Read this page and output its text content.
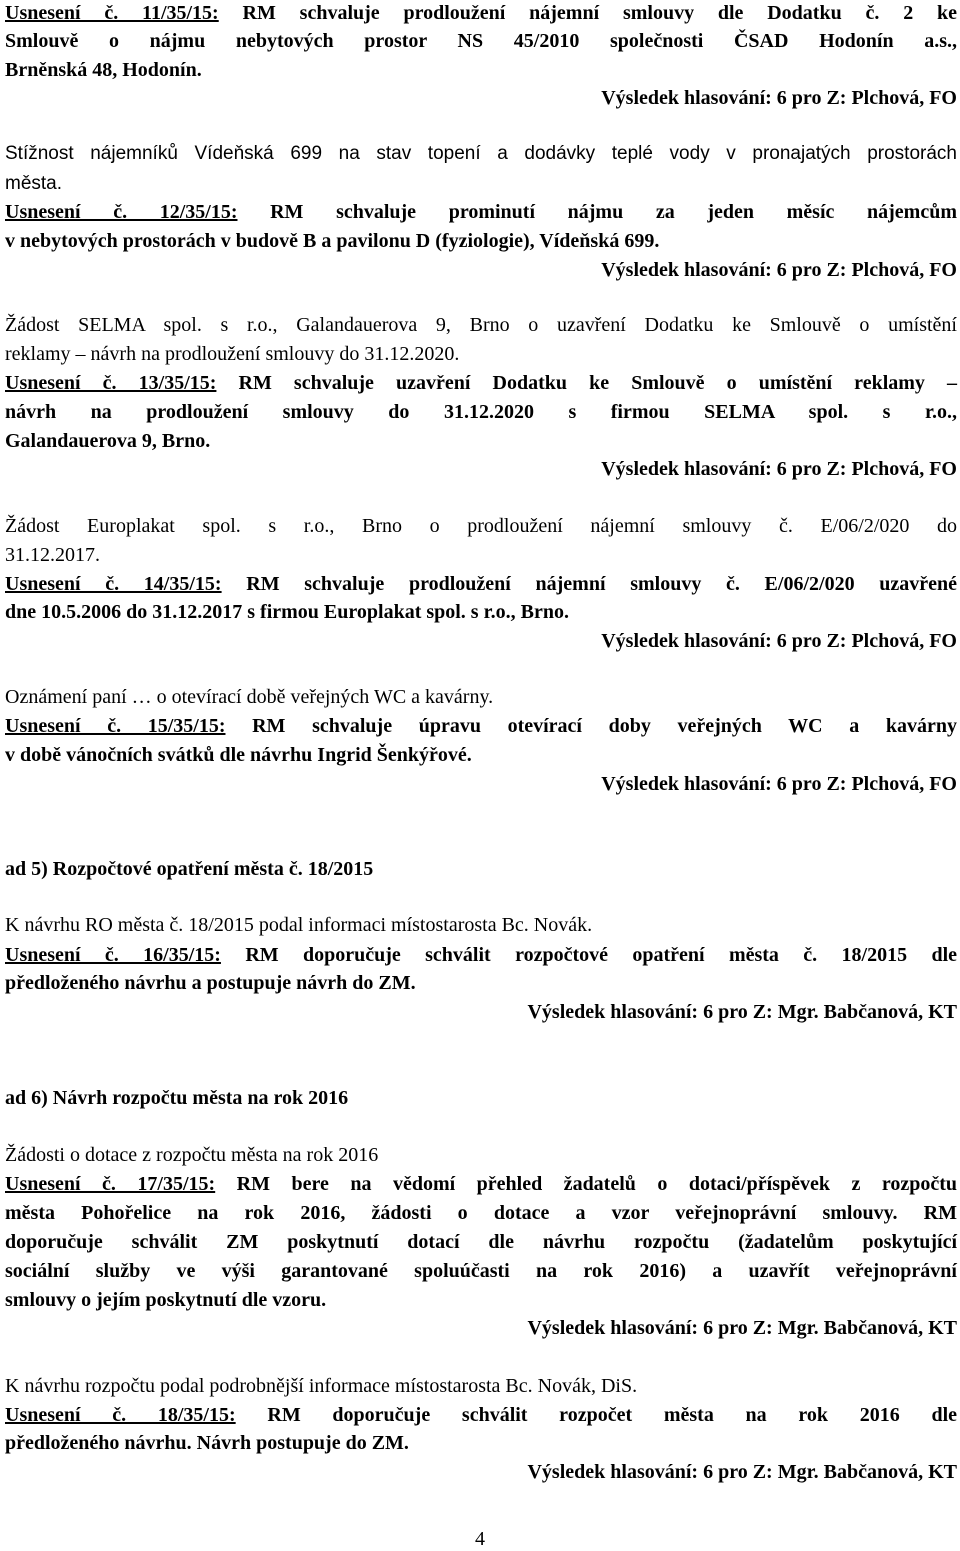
Usnesení č. 11/35/15: RM schvaluje prodloužení nájemní smlouvy dle Dodatku č. 2 ke
Smlouvě o nájmu nebytových prostor NS 45/2010 společnosti ČSAD Hodonín a.s.,
Brněnská 48, Hodonín.
Výsledek hlasování: 6 pro Z: Plchová, FO
Stížnost nájemníků Vídeňská 699 na stav topení a dodávky teplé vody v pronajatých prostorách
města.
Usnesení č. 12/35/15: RM schvaluje prominutí nájmu za jeden měsíc nájemcům
v nebytových prostorách v budově B a pavilonu D (fyziologie), Vídeňská 699.
Výsledek hlasování: 6 pro Z: Plchová, FO
Žádost SELMA spol. s r.o., Galandauerova 9, Brno o uzavření Dodatku ke Smlouvě o umístění
reklamy – návrh na prodloužení smlouvy do 31.12.2020.
Usnesení č. 13/35/15: RM schvaluje uzavření Dodatku ke Smlouvě o umístění reklamy –
návrh na prodloužení smlouvy do 31.12.2020 s firmou SELMA spol. s r.o.,
Galandauerova 9, Brno.
Výsledek hlasování: 6 pro Z: Plchová, FO
Žádost Europlakat spol. s r.o., Brno o prodloužení nájemní smlouvy č. E/06/2/020 do
31.12.2017.
Usnesení č. 14/35/15: RM schvaluje prodloužení nájemní smlouvy č. E/06/2/020 uzavřené
dne 10.5.2006 do 31.12.2017 s firmou Europlakat spol. s r.o., Brno.
Výsledek hlasování: 6 pro Z: Plchová, FO
Oznámení paní … o otevírací době veřejných WC a kavárny.
Usnesení č. 15/35/15: RM schvaluje úpravu otevírací doby veřejných WC a kavárny
v době vánočních svátků dle návrhu Ingrid Šenkýřové.
Výsledek hlasování: 6 pro Z: Plchová, FO
ad 5) Rozpočtové opatření města č. 18/2015
K návrhu RO města č. 18/2015 podal informaci místostarosta Bc. Novák.
Usnesení č. 16/35/15: RM doporučuje schválit rozpočtové opatření města č. 18/2015 dle
předloženého návrhu a postupuje návrh do ZM.
Výsledek hlasování: 6 pro Z: Mgr. Babčanová, KT
ad 6) Návrh rozpočtu města na rok 2016
Žádosti o dotace z rozpočtu města na rok 2016
Usnesení č. 17/35/15: RM bere na vědomí přehled žadatelů o dotaci/příspěvek z rozpočtu
města Pohořelice na rok 2016, žádosti o dotace a vzor veřejnoprávní smlouvy. RM
doporučuje schválit ZM poskytnutí dotací dle návrhu rozpočtu (žadatelům poskytující
sociální služby ve výši garantované spoluúčasti na rok 2016) a uzavřít veřejnoprávní
smlouvy o jejím poskytnutí dle vzoru.
Výsledek hlasování: 6 pro Z: Mgr. Babčanová, KT
K návrhu rozpočtu podal podrobnější informace místostarosta Bc. Novák, DiS.
Usnesení č. 18/35/15: RM doporučuje schválit rozpočet města na rok 2016 dle
předloženého návrhu. Návrh postupuje do ZM.
Výsledek hlasování: 6 pro Z: Mgr. Babčanová, KT
4
